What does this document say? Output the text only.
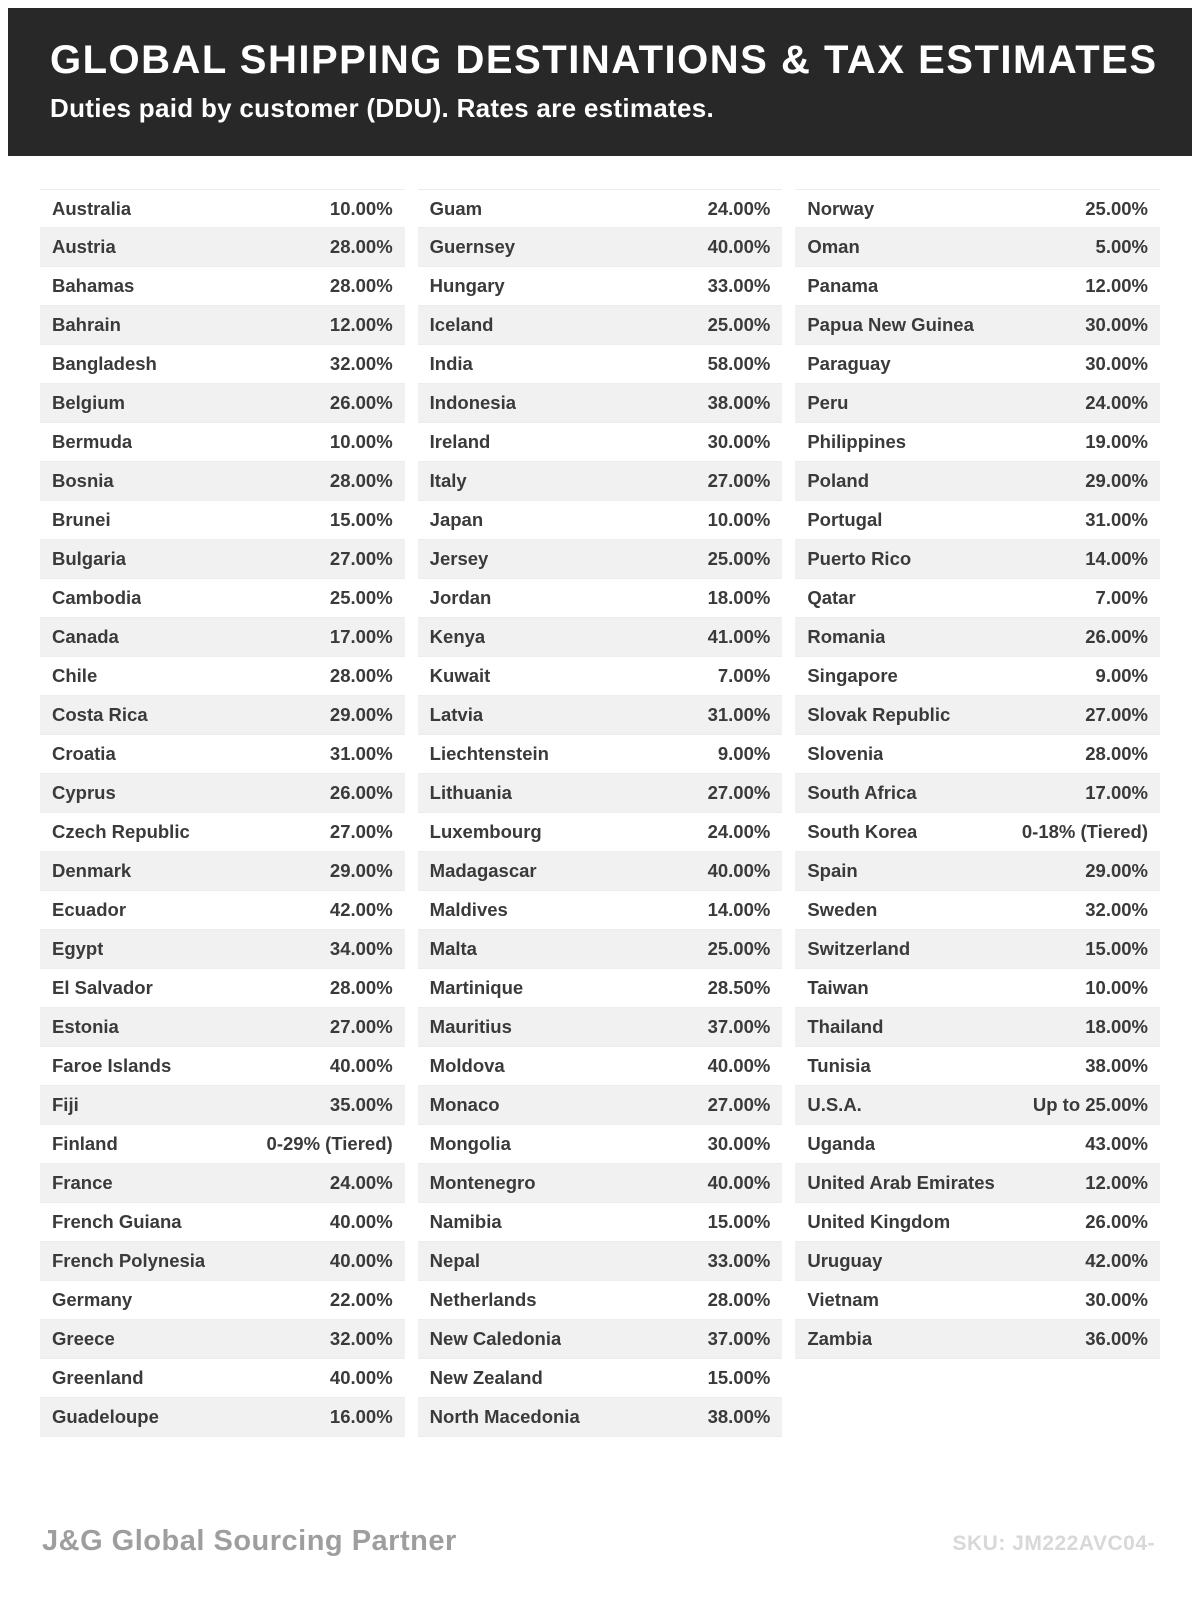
GLOBAL SHIPPING DESTINATIONS & TAX ESTIMATES
Duties paid by customer (DDU). Rates are estimates.
Australia	10.00%
Austria	28.00%
Bahamas	28.00%
Bahrain	12.00%
Bangladesh	32.00%
Belgium	26.00%
Bermuda	10.00%
Bosnia	28.00%
Brunei	15.00%
Bulgaria	27.00%
Cambodia	25.00%
Canada	17.00%
Chile	28.00%
Costa Rica	29.00%
Croatia	31.00%
Cyprus	26.00%
Czech Republic	27.00%
Denmark	29.00%
Ecuador	42.00%
Egypt	34.00%
El Salvador	28.00%
Estonia	27.00%
Faroe Islands	40.00%
Fiji	35.00%
Finland	0-29% (Tiered)
France	24.00%
French Guiana	40.00%
French Polynesia	40.00%
Germany	22.00%
Greece	32.00%
Greenland	40.00%
Guadeloupe	16.00%
Guam	24.00%
Guernsey	40.00%
Hungary	33.00%
Iceland	25.00%
India	58.00%
Indonesia	38.00%
Ireland	30.00%
Italy	27.00%
Japan	10.00%
Jersey	25.00%
Jordan	18.00%
Kenya	41.00%
Kuwait	7.00%
Latvia	31.00%
Liechtenstein	9.00%
Lithuania	27.00%
Luxembourg	24.00%
Madagascar	40.00%
Maldives	14.00%
Malta	25.00%
Martinique	28.50%
Mauritius	37.00%
Moldova	40.00%
Monaco	27.00%
Mongolia	30.00%
Montenegro	40.00%
Namibia	15.00%
Nepal	33.00%
Netherlands	28.00%
New Caledonia	37.00%
New Zealand	15.00%
North Macedonia	38.00%
Norway	25.00%
Oman	5.00%
Panama	12.00%
Papua New Guinea	30.00%
Paraguay	30.00%
Peru	24.00%
Philippines	19.00%
Poland	29.00%
Portugal	31.00%
Puerto Rico	14.00%
Qatar	7.00%
Romania	26.00%
Singapore	9.00%
Slovak Republic	27.00%
Slovenia	28.00%
South Africa	17.00%
South Korea	0-18% (Tiered)
Spain	29.00%
Sweden	32.00%
Switzerland	15.00%
Taiwan	10.00%
Thailand	18.00%
Tunisia	38.00%
U.S.A.	Up to 25.00%
Uganda	43.00%
United Arab Emirates	12.00%
United Kingdom	26.00%
Uruguay	42.00%
Vietnam	30.00%
Zambia	36.00%
J&G Global Sourcing Partner	SKU: JM222AVC04-
